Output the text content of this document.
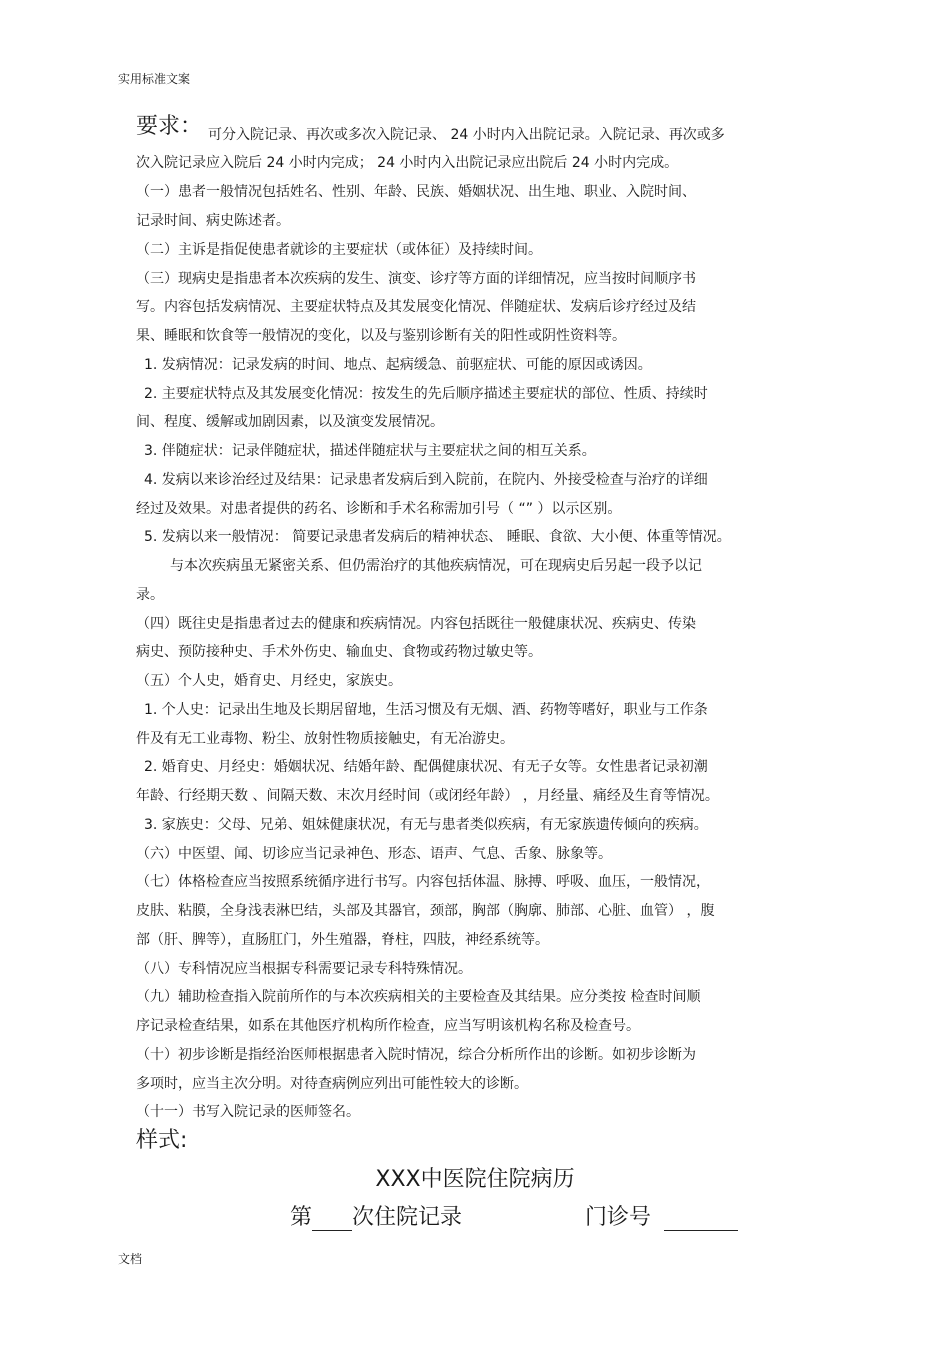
实用标准文案
可分入院记录、再次或多次入院记录、 24 小时内入出院记录。入院记录、再次或多
次入院记录应入院后 24 小时内完成； 24 小时内入出院记录应出院后 24 小时内完成。
（一）患者一般情况包括姓名、性别、年龄、民族、婚姻状况、出生地、职业、入院时间、
记录时间、病史陈述者。
（二）主诉是指促使患者就诊的主要症状（或体征）及持续时间。
（三）现病史是指患者本次疾病的发生、演变、诊疗等方面的详细情况，应当按时间顺序书
写。内容包括发病情况、主要症状特点及其发展变化情况、伴随症状、发病后诊疗经过及结
果、睡眠和饮食等一般情况的变化，以及与鉴别诊断有关的阳性或阴性资料等。
1. 发病情况：记录发病的时间、地点、起病缓急、前驱症状、可能的原因或诱因。
2. 主要症状特点及其发展变化情况：按发生的先后顺序描述主要症状的部位、性质、持续时
间、程度、缓解或加剧因素，以及演变发展情况。
3. 伴随症状：记录伴随症状，描述伴随症状与主要症状之间的相互关系。
4. 发病以来诊治经过及结果：记录患者发病后到入院前，在院内、外接受检查与治疗的详细
经过及效果。对患者提供的药名、诊断和手术名称需加引号（ “” ）以示区别。
5. 发病以来一般情况： 简要记录患者发病后的精神状态、 睡眠、食欲、大小便、体重等情况。
与本次疾病虽无紧密关系、但仍需治疗的其他疾病情况，可在现病史后另起一段予以记
录。
（四）既往史是指患者过去的健康和疾病情况。内容包括既往一般健康状况、疾病史、传染
病史、预防接种史、手术外伤史、输血史、食物或药物过敏史等。
（五）个人史，婚育史、月经史，家族史。
1. 个人史：记录出生地及长期居留地，生活习惯及有无烟、酒、药物等嗜好，职业与工作条
件及有无工业毒物、粉尘、放射性物质接触史，有无冶游史。
2. 婚育史、月经史：婚姻状况、结婚年龄、配偶健康状况、有无子女等。女性患者记录初潮
年龄、行经期天数 、间隔天数、末次月经时间（或闭经年龄） ，月经量、痛经及生育等情况。
3. 家族史：父母、兄弟、姐妹健康状况，有无与患者类似疾病，有无家族遗传倾向的疾病。
（六）中医望、闻、切诊应当记录神色、形态、语声、气息、舌象、脉象等。
（七）体格检查应当按照系统循序进行书写。内容包括体温、脉搏、呼吸、血压，一般情况，
皮肤、粘膜，全身浅表淋巴结，头部及其器官，颈部，胸部（胸廓、肺部、心脏、血管） ，腹
部（肝、脾等），直肠肛门，外生殖器，脊柱，四肢，神经系统等。
（八）专科情况应当根据专科需要记录专科特殊情况。
（九）辅助检查指入院前所作的与本次疾病相关的主要检查及其结果。应分类按 检查时间顺
序记录检查结果，如系在其他医疗机构所作检查，应当写明该机构名称及检查号。
（十）初步诊断是指经治医师根据患者入院时情况，综合分析所作出的诊断。如初步诊断为
多项时，应当主次分明。对待查病例应列出可能性较大的诊断。
（十一）书写入院记录的医师签名。
要求：
样式:
XXX中医院住院病历
第 次住院记录	门诊号
文档
